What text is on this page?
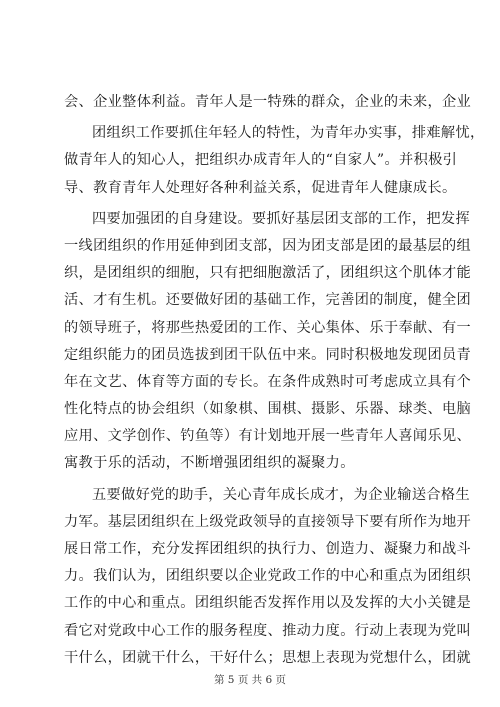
会、企业整体利益。青年人是一特殊的群众，企业的未来，企业
团组织工作要抓住年轻人的特性，为青年办实事，排难解忧，
做青年人的知心人，把组织办成青年人的“自家人”。并积极引
导、教育青年人处理好各种利益关系，促进青年人健康成长。
四要加强团的自身建设。要抓好基层团支部的工作，把发挥
一线团组织的作用延伸到团支部，因为团支部是团的最基层的组
织，是团组织的细胞，只有把细胞激活了，团组织这个肌体才能
活、才有生机。还要做好团的基础工作，完善团的制度，健全团
的领导班子，将那些热爱团的工作、关心集体、乐于奉献、有一
定组织能力的团员选拔到团干队伍中来。同时积极地发现团员青
年在文艺、体育等方面的专长。在条件成熟时可考虑成立具有个
性化特点的协会组织（如象棋、围棋、摄影、乐器、球类、电脑
应用、文学创作、钓鱼等）有计划地开展一些青年人喜闻乐见、
寓教于乐的活动，不断增强团组织的凝聚力。
五要做好党的助手，关心青年成长成才，为企业输送合格生
力军。基层团组织在上级党政领导的直接领导下要有所作为地开
展日常工作，充分发挥团组织的执行力、创造力、凝聚力和战斗
力。我们认为，团组织要以企业党政工作的中心和重点为团组织
工作的中心和重点。团组织能否发挥作用以及发挥的大小关键是
看它对党政中心工作的服务程度、推动力度。行动上表现为党叫
干什么，团就干什么，干好什么；思想上表现为党想什么，团就
第 5 页 共 6 页
